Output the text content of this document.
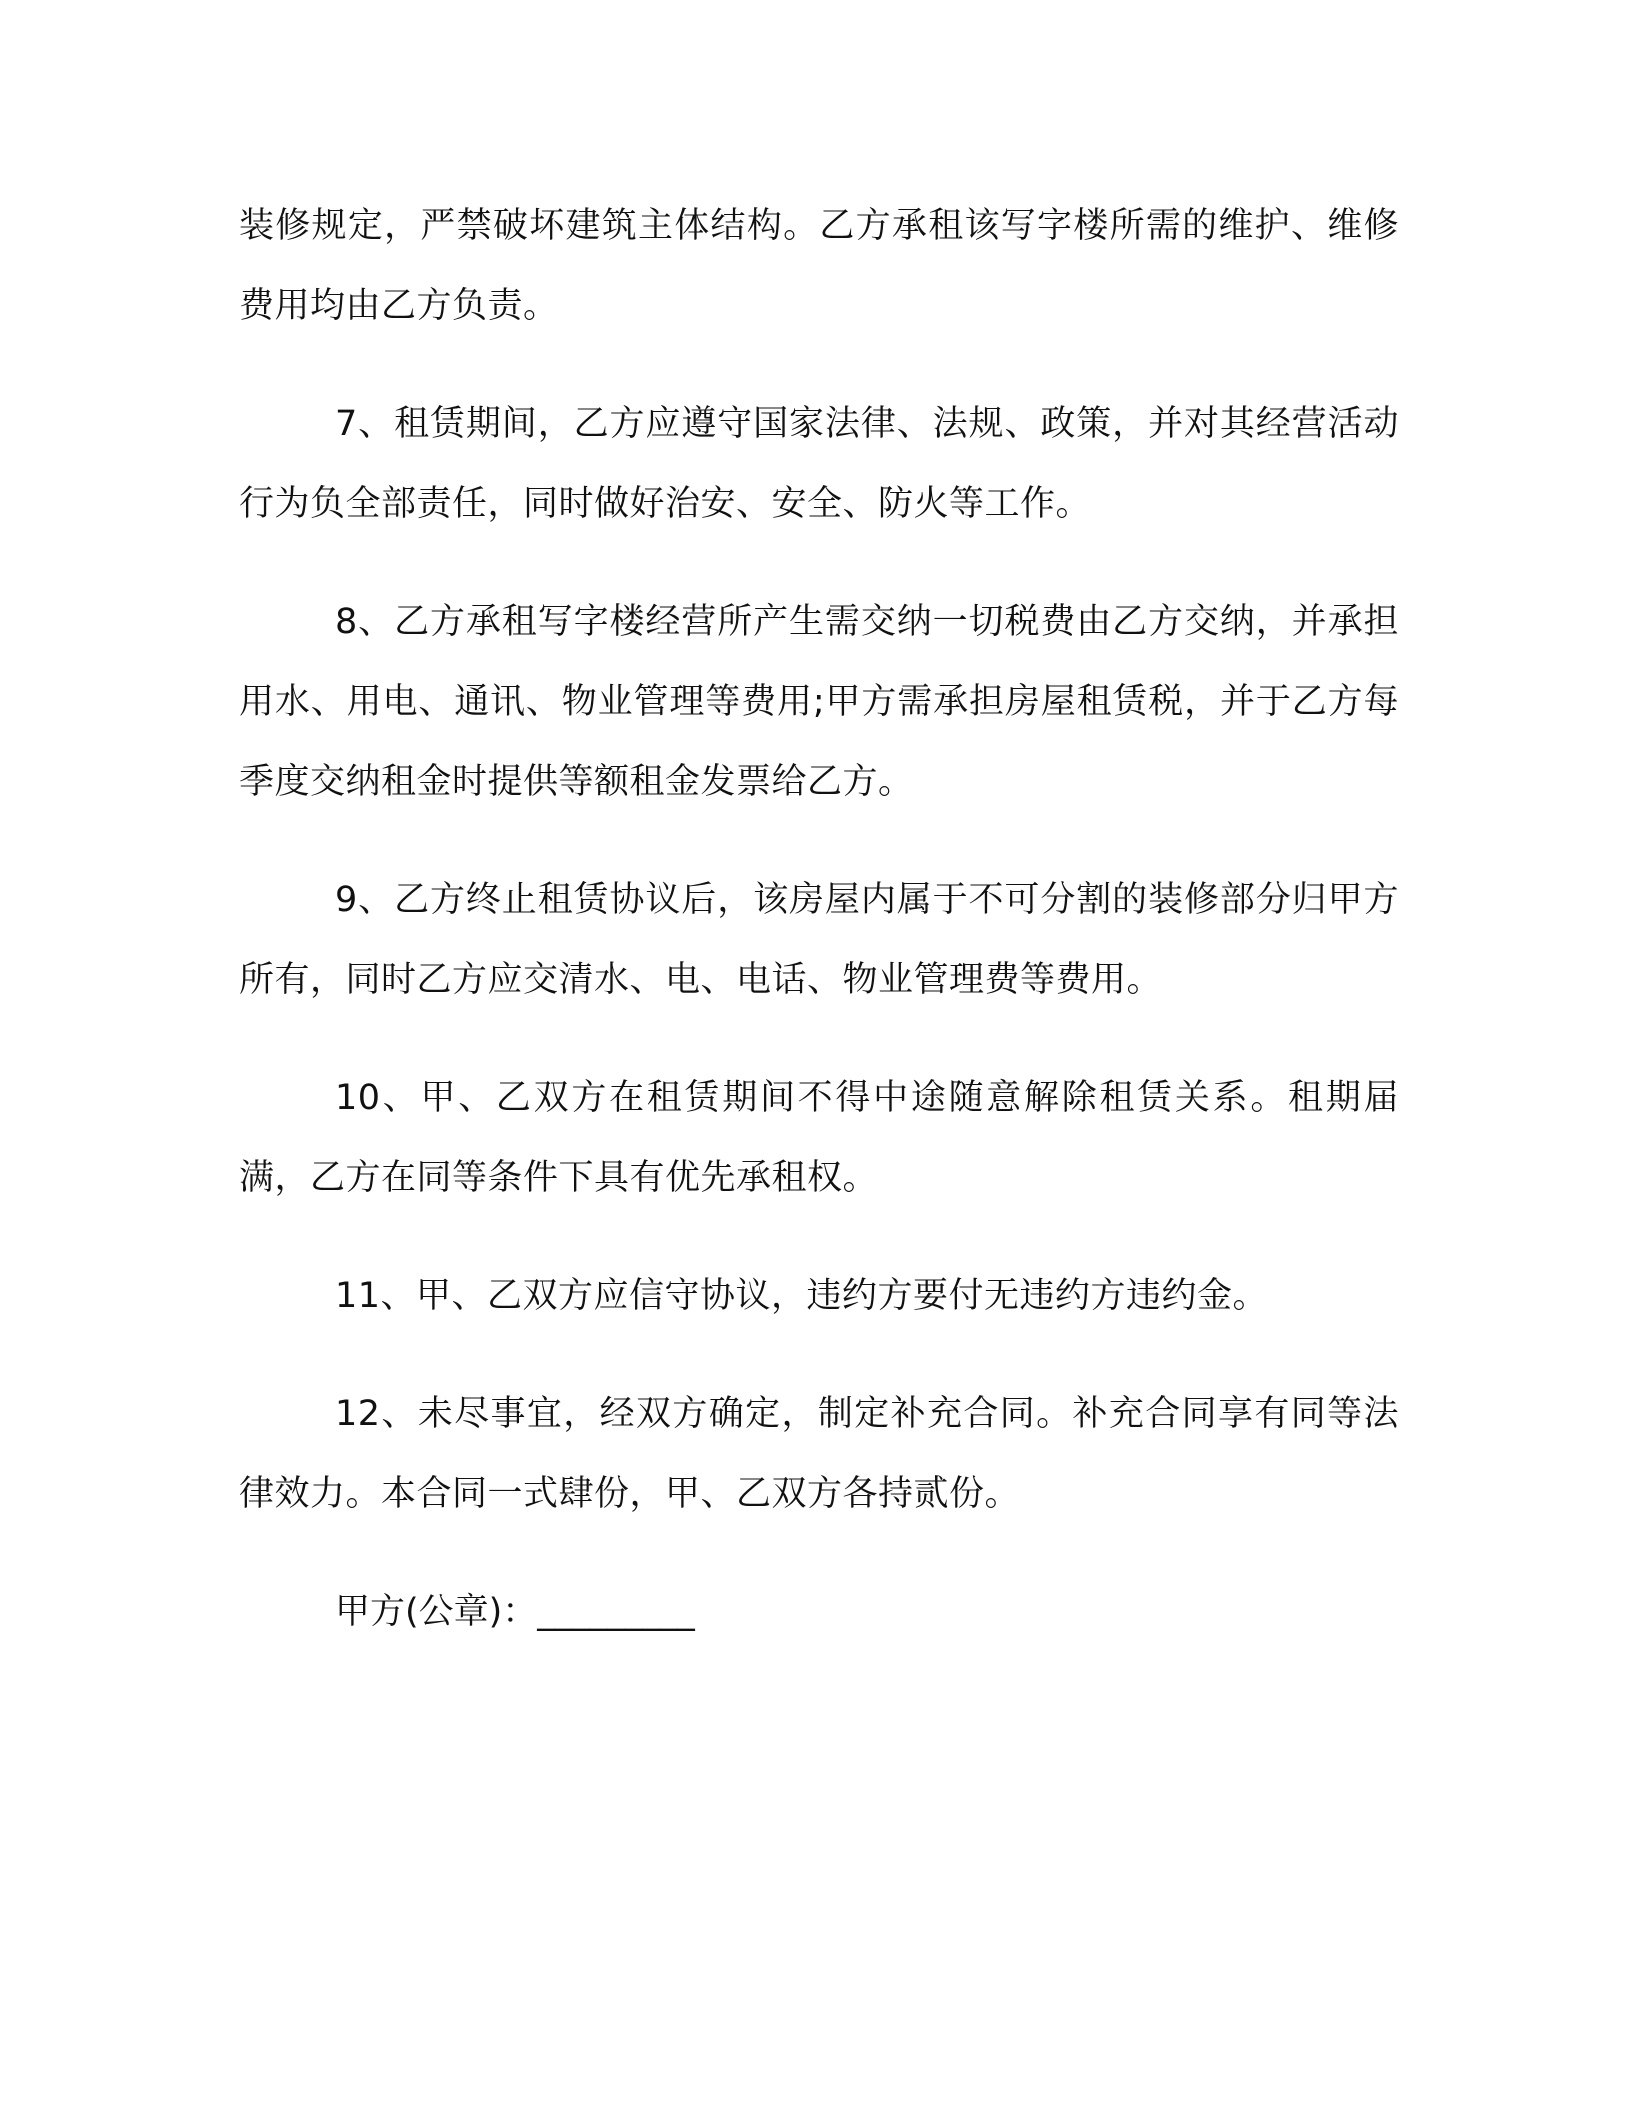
装修规定，严禁破坏建筑主体结构。乙方承租该写字楼所需的维护、维修费用均由乙方负责。

7、租赁期间，乙方应遵守国家法律、法规、政策，并对其经营活动行为负全部责任，同时做好治安、安全、防火等工作。

8、乙方承租写字楼经营所产生需交纳一切税费由乙方交纳，并承担用水、用电、通讯、物业管理等费用;甲方需承担房屋租赁税，并于乙方每季度交纳租金时提供等额租金发票给乙方。

9、乙方终止租赁协议后，该房屋内属于不可分割的装修部分归甲方所有，同时乙方应交清水、电、电话、物业管理费等费用。

10、甲、乙双方在租赁期间不得中途随意解除租赁关系。租期届满，乙方在同等条件下具有优先承租权。

11、甲、乙双方应信守协议，违约方要付无违约方违约金。

12、未尽事宜，经双方确定，制定补充合同。补充合同享有同等法律效力。本合同一式肆份，甲、乙双方各持贰份。

甲方(公章)：_________
